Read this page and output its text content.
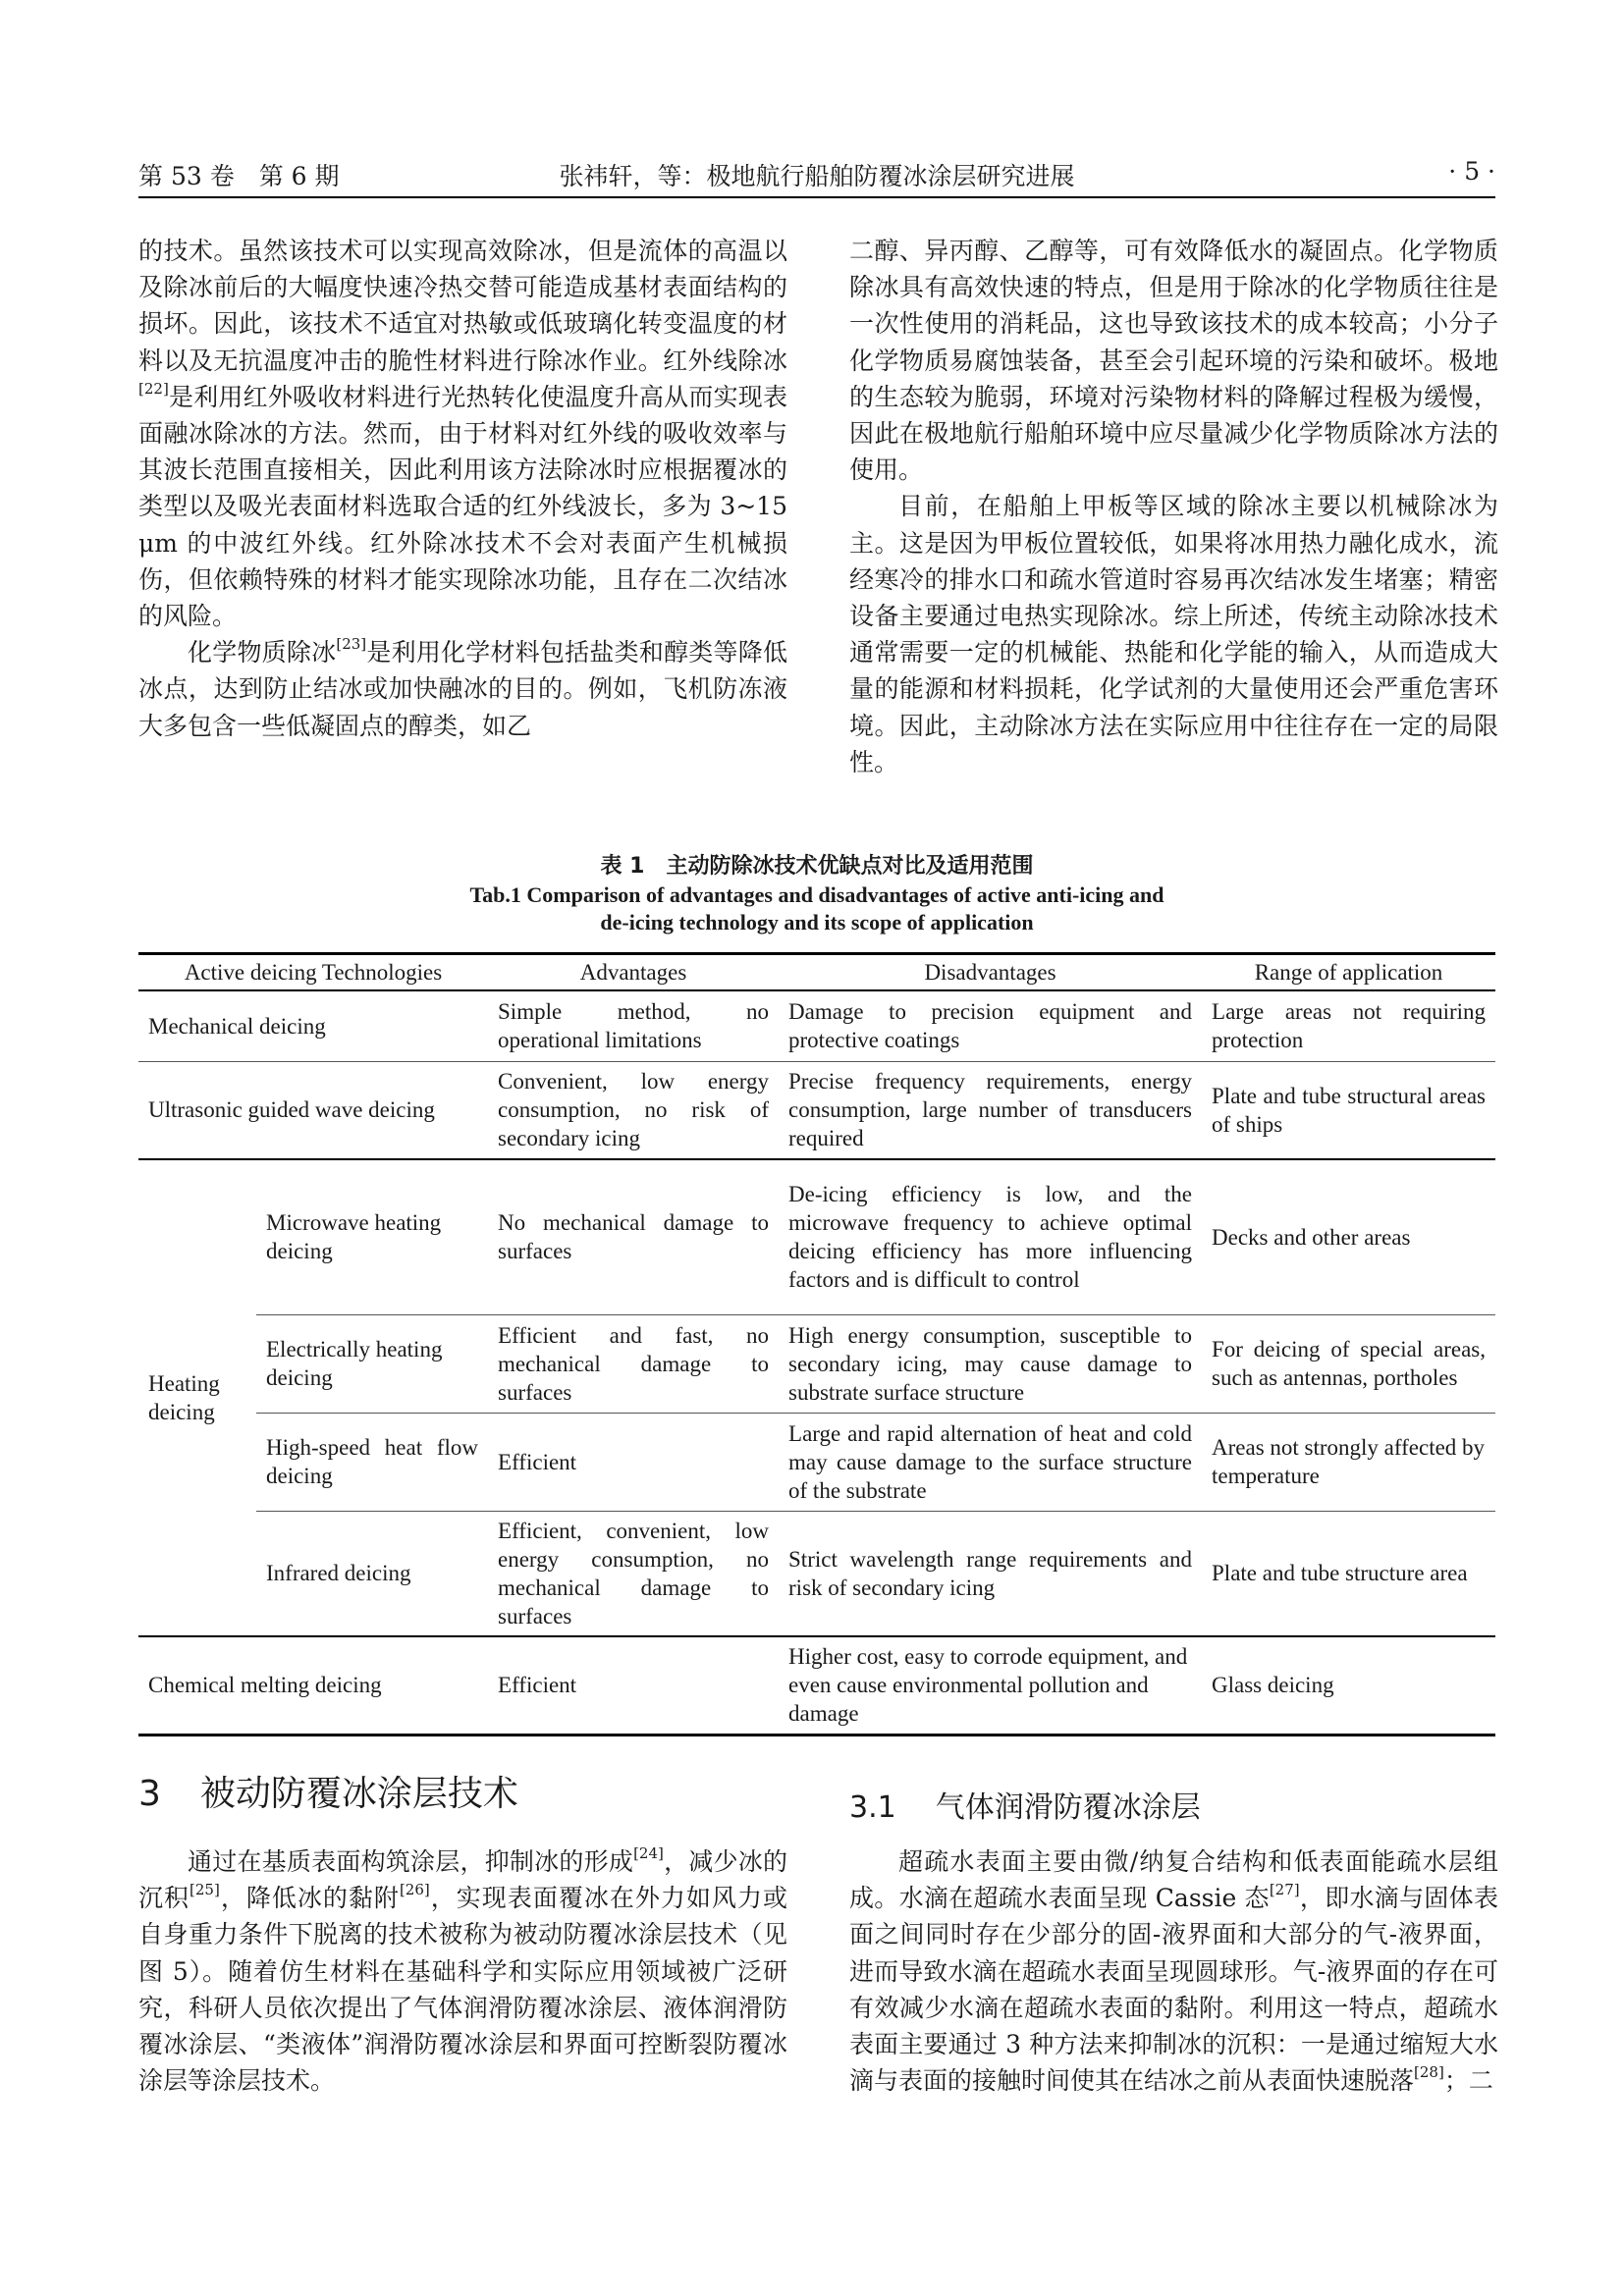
第 53 卷　第 6 期	张祎轩，等：极地航行船舶防覆冰涂层研究进展	· 5 ·

的技术。虽然该技术可以实现高效除冰，但是流体的高温以及除冰前后的大幅度快速冷热交替可能造成基材表面结构的损坏。因此，该技术不适宜对热敏或低玻璃化转变温度的材料以及无抗温度冲击的脆性材料进行除冰作业。红外线除冰[22]是利用红外吸收材料进行光热转化使温度升高从而实现表面融冰除冰的方法。然而，由于材料对红外线的吸收效率与其波长范围直接相关，因此利用该方法除冰时应根据覆冰的类型以及吸光表面材料选取合适的红外线波长，多为 3~15 μm 的中波红外线。红外除冰技术不会对表面产生机械损伤，但依赖特殊的材料才能实现除冰功能，且存在二次结冰的风险。

化学物质除冰[23]是利用化学材料包括盐类和醇类等降低冰点，达到防止结冰或加快融冰的目的。例如，飞机防冻液大多包含一些低凝固点的醇类，如乙

二醇、异丙醇、乙醇等，可有效降低水的凝固点。化学物质除冰具有高效快速的特点，但是用于除冰的化学物质往往是一次性使用的消耗品，这也导致该技术的成本较高；小分子化学物质易腐蚀装备，甚至会引起环境的污染和破坏。极地的生态较为脆弱，环境对污染物材料的降解过程极为缓慢，因此在极地航行船舶环境中应尽量减少化学物质除冰方法的使用。

目前，在船舶上甲板等区域的除冰主要以机械除冰为主。这是因为甲板位置较低，如果将冰用热力融化成水，流经寒冷的排水口和疏水管道时容易再次结冰发生堵塞；精密设备主要通过电热实现除冰。综上所述，传统主动除冰技术通常需要一定的机械能、热能和化学能的输入，从而造成大量的能源和材料损耗，化学试剂的大量使用还会严重危害环境。因此，主动除冰方法在实际应用中往往存在一定的局限性。

表 1　主动防除冰技术优缺点对比及适用范围
Tab.1 Comparison of advantages and disadvantages of active anti-icing and
de-icing technology and its scope of application
Active deicing Technologies		Advantages	Disadvantages	Range of application
Mechanical deicing		Simple method, no operational limitations	Damage to precision equipment and protective coatings	Large areas not requiring protection
Ultrasonic guided wave deicing		Convenient, low energy consumption, no risk of secondary icing	Precise frequency requirements, energy consumption, large number of transducers required	Plate and tube structural areas of ships
Heating deicing	Microwave heating deicing	No mechanical damage to surfaces	De-icing efficiency is low, and the microwave frequency to achieve optimal deicing efficiency has more influencing factors and is difficult to control	Decks and other areas
	Electrically heating deicing	Efficient and fast, no mechanical damage to surfaces	High energy consumption, susceptible to secondary icing, may cause damage to substrate surface structure	For deicing of special areas, such as antennas, portholes
	High-speed heat flow deicing	Efficient	Large and rapid alternation of heat and cold may cause damage to the surface structure of the substrate	Areas not strongly affected by temperature
	Infrared deicing	Efficient, convenient, low energy consumption, no mechanical damage to surfaces	Strict wavelength range requirements and risk of secondary icing	Plate and tube structure area
Chemical melting deicing		Efficient	Higher cost, easy to corrode equipment, and even cause environmental pollution and damage	Glass deicing
3 被动防覆冰涂层技术	3.1 气体润滑防覆冰涂层

通过在基质表面构筑涂层，抑制冰的形成[24]，减少冰的沉积[25]，降低冰的黏附[26]，实现表面覆冰在外力如风力或自身重力条件下脱离的技术被称为被动防覆冰涂层技术（见图 5）。随着仿生材料在基础科学和实际应用领域被广泛研究，科研人员依次提出了气体润滑防覆冰涂层、液体润滑防覆冰涂层、“类液体”润滑防覆冰涂层和界面可控断裂防覆冰涂层等涂层技术。

超疏水表面主要由微/纳复合结构和低表面能疏水层组成。水滴在超疏水表面呈现 Cassie 态[27]，即水滴与固体表面之间同时存在少部分的固-液界面和大部分的气-液界面，进而导致水滴在超疏水表面呈现圆球形。气-液界面的存在可有效减少水滴在超疏水表面的黏附。利用这一特点，超疏水表面主要通过 3 种方法来抑制冰的沉积：一是通过缩短大水滴与表面的接触时间使其在结冰之前从表面快速脱落[28]；二
